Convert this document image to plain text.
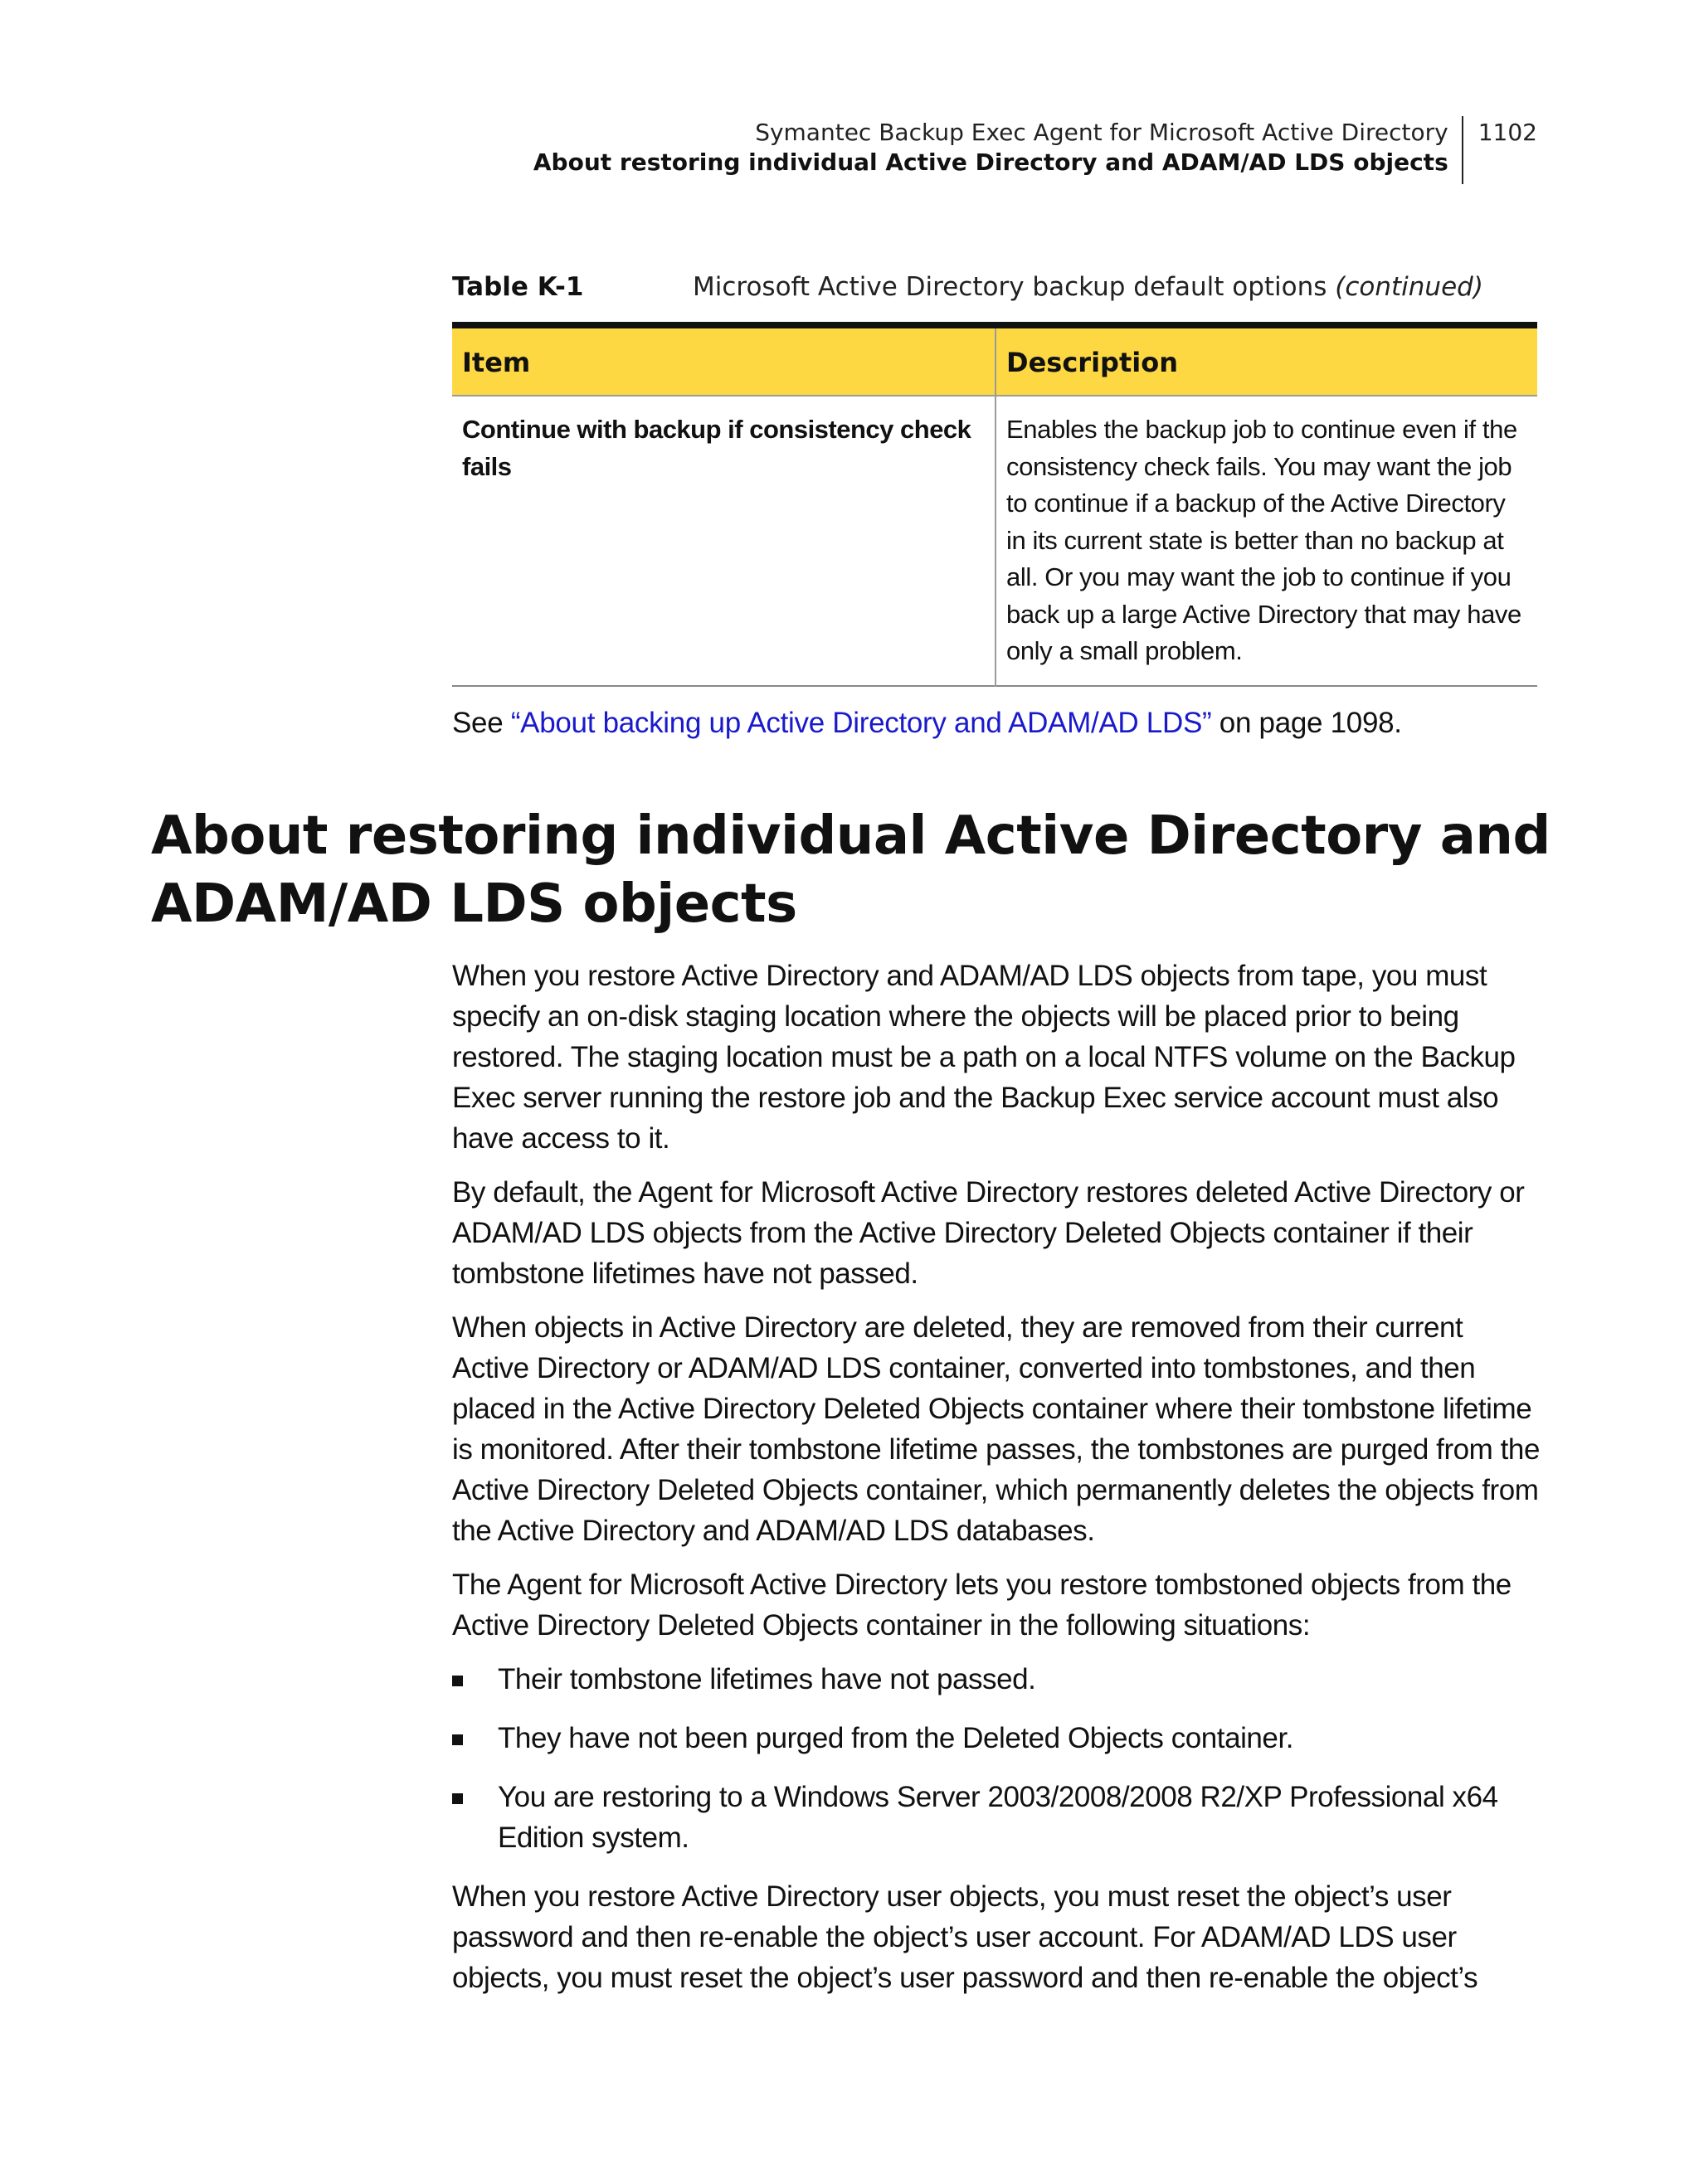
Symantec Backup Exec Agent for Microsoft Active Directory
About restoring individual Active Directory and ADAM/AD LDS objects
1102
Table K-1	Microsoft Active Directory backup default options (continued)
Item	Description
Continue with backup if consistency check fails	Enables the backup job to continue even if the consistency check fails. You may want the job to continue if a backup of the Active Directory in its current state is better than no backup at all. Or you may want the job to continue if you back up a large Active Directory that may have only a small problem.
See “About backing up Active Directory and ADAM/AD LDS” on page 1098.
About restoring individual Active Directory and ADAM/AD LDS objects

When you restore Active Directory and ADAM/AD LDS objects from tape, you must specify an on-disk staging location where the objects will be placed prior to being restored. The staging location must be a path on a local NTFS volume on the Backup Exec server running the restore job and the Backup Exec service account must also have access to it.

By default, the Agent for Microsoft Active Directory restores deleted Active Directory or ADAM/AD LDS objects from the Active Directory Deleted Objects container if their tombstone lifetimes have not passed.

When objects in Active Directory are deleted, they are removed from their current Active Directory or ADAM/AD LDS container, converted into tombstones, and then placed in the Active Directory Deleted Objects container where their tombstone lifetime is monitored. After their tombstone lifetime passes, the tombstones are purged from the Active Directory Deleted Objects container, which permanently deletes the objects from the Active Directory and ADAM/AD LDS databases.

The Agent for Microsoft Active Directory lets you restore tombstoned objects from the Active Directory Deleted Objects container in the following situations:

Their tombstone lifetimes have not passed.
They have not been purged from the Deleted Objects container.
You are restoring to a Windows Server 2003/2008/2008 R2/XP Professional x64 Edition system.

When you restore Active Directory user objects, you must reset the object’s user password and then re-enable the object’s user account. For ADAM/AD LDS user objects, you must reset the object’s user password and then re-enable the object’s
